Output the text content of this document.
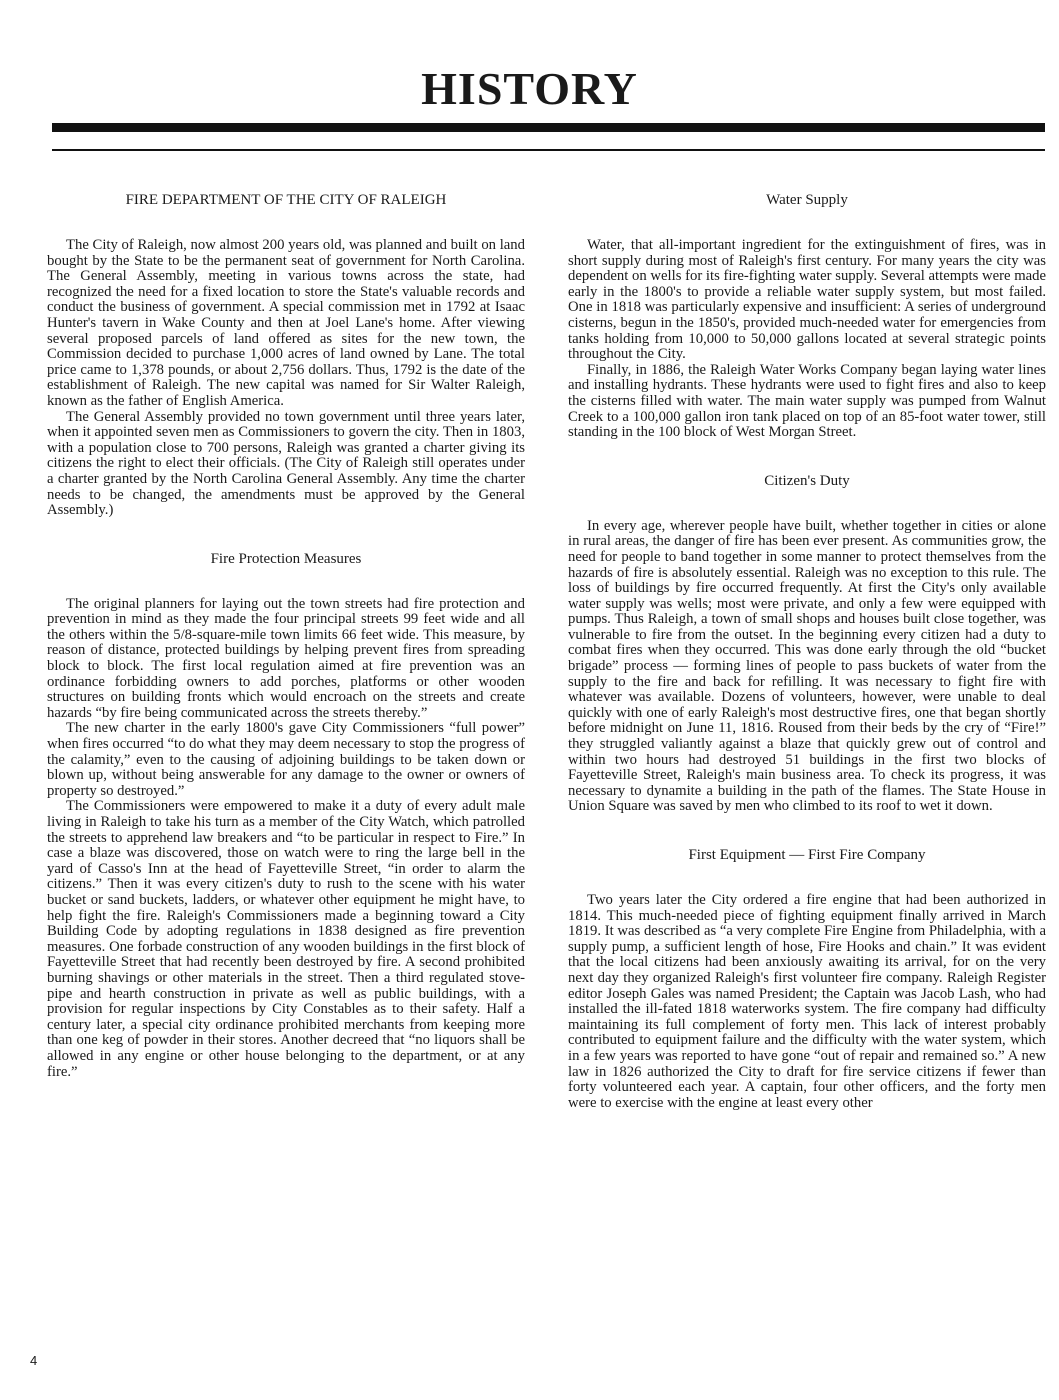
HISTORY
FIRE DEPARTMENT OF THE CITY OF RALEIGH

The City of Raleigh, now almost 200 years old, was planned and built on land bought by the State to be the permanent seat of government for North Carolina. The General Assembly, meeting in various towns across the state, had recognized the need for a fixed location to store the State's valuable records and conduct the business of government. A special commission met in 1792 at Isaac Hunter's tavern in Wake County and then at Joel Lane's home. After viewing several proposed parcels of land offered as sites for the new town, the Commission decided to purchase 1,000 acres of land owned by Lane. The total price came to 1,378 pounds, or about 2,756 dollars. Thus, 1792 is the date of the establishment of Raleigh. The new capital was named for Sir Walter Raleigh, known as the father of English America.

The General Assembly provided no town government until three years later, when it appointed seven men as Commissioners to govern the city. Then in 1803, with a population close to 700 persons, Raleigh was granted a charter giving its citizens the right to elect their officials. (The City of Raleigh still operates under a charter granted by the North Carolina General Assembly. Any time the charter needs to be changed, the amendments must be approved by the General Assembly.)

Fire Protection Measures

The original planners for laying out the town streets had fire protection and prevention in mind as they made the four principal streets 99 feet wide and all the others within the 5/8-square-mile town limits 66 feet wide. This measure, by reason of distance, protected buildings by helping prevent fires from spreading block to block. The first local regulation aimed at fire prevention was an ordinance forbidding owners to add porches, platforms or other wooden structures on building fronts which would encroach on the streets and create hazards “by fire being communicated across the streets thereby.”

The new charter in the early 1800's gave City Commissioners “full power” when fires occurred “to do what they may deem necessary to stop the progress of the calamity,” even to the causing of adjoining buildings to be taken down or blown up, without being answerable for any damage to the owner or owners of property so destroyed.”

The Commissioners were empowered to make it a duty of every adult male living in Raleigh to take his turn as a member of the City Watch, which patrolled the streets to apprehend law breakers and “to be particular in respect to Fire.” In case a blaze was discovered, those on watch were to ring the large bell in the yard of Casso's Inn at the head of Fayetteville Street, “in order to alarm the citizens.” Then it was every citizen's duty to rush to the scene with his water bucket or sand buckets, ladders, or whatever other equipment he might have, to help fight the fire. Raleigh's Commissioners made a beginning toward a City Building Code by adopting regulations in 1838 designed as fire prevention measures. One forbade construction of any wooden buildings in the first block of Fayetteville Street that had recently been destroyed by fire. A second prohibited burning shavings or other materials in the street. Then a third regulated stove-pipe and hearth construction in private as well as public buildings, with a provision for regular inspections by City Constables as to their safety. Half a century later, a special city ordinance prohibited merchants from keeping more than one keg of powder in their stores. Another decreed that “no liquors shall be allowed in any engine or other house belonging to the department, or at any fire.”

Water Supply

Water, that all-important ingredient for the extinguishment of fires, was in short supply during most of Raleigh's first century. For many years the city was dependent on wells for its fire-fighting water supply. Several attempts were made early in the 1800's to provide a reliable water supply system, but most failed. One in 1818 was particularly expensive and insufficient: A series of underground cisterns, begun in the 1850's, provided much-needed water for emergencies from tanks holding from 10,000 to 50,000 gallons located at several strategic points throughout the City.

Finally, in 1886, the Raleigh Water Works Company began laying water lines and installing hydrants. These hydrants were used to fight fires and also to keep the cisterns filled with water. The main water supply was pumped from Walnut Creek to a 100,000 gallon iron tank placed on top of an 85-foot water tower, still standing in the 100 block of West Morgan Street.

Citizen's Duty

In every age, wherever people have built, whether together in cities or alone in rural areas, the danger of fire has been ever present. As communities grow, the need for people to band together in some manner to protect themselves from the hazards of fire is absolutely essential. Raleigh was no exception to this rule. The loss of buildings by fire occurred frequently. At first the City's only available water supply was wells; most were private, and only a few were equipped with pumps. Thus Raleigh, a town of small shops and houses built close together, was vulnerable to fire from the outset. In the beginning every citizen had a duty to combat fires when they occurred. This was done early through the old “bucket brigade” process — forming lines of people to pass buckets of water from the supply to the fire and back for refilling. It was necessary to fight fire with whatever was available. Dozens of volunteers, however, were unable to deal quickly with one of early Raleigh's most destructive fires, one that began shortly before midnight on June 11, 1816. Roused from their beds by the cry of “Fire!” they struggled valiantly against a blaze that quickly grew out of control and within two hours had destroyed 51 buildings in the first two blocks of Fayetteville Street, Raleigh's main business area. To check its progress, it was necessary to dynamite a building in the path of the flames. The State House in Union Square was saved by men who climbed to its roof to wet it down.

First Equipment — First Fire Company

Two years later the City ordered a fire engine that had been authorized in 1814. This much-needed piece of fighting equipment finally arrived in March 1819. It was described as “a very complete Fire Engine from Philadelphia, with a supply pump, a sufficient length of hose, Fire Hooks and chain.” It was evident that the local citizens had been anxiously awaiting its arrival, for on the very next day they organized Raleigh's first volunteer fire company. Raleigh Register editor Joseph Gales was named President; the Captain was Jacob Lash, who had installed the ill-fated 1818 waterworks system. The fire company had difficulty maintaining its full complement of forty men. This lack of interest probably contributed to equipment failure and the difficulty with the water system, which in a few years was reported to have gone “out of repair and remained so.” A new law in 1826 authorized the City to draft for fire service citizens if fewer than forty volunteered each year. A captain, four other officers, and the forty men were to exercise with the engine at least every other

4
